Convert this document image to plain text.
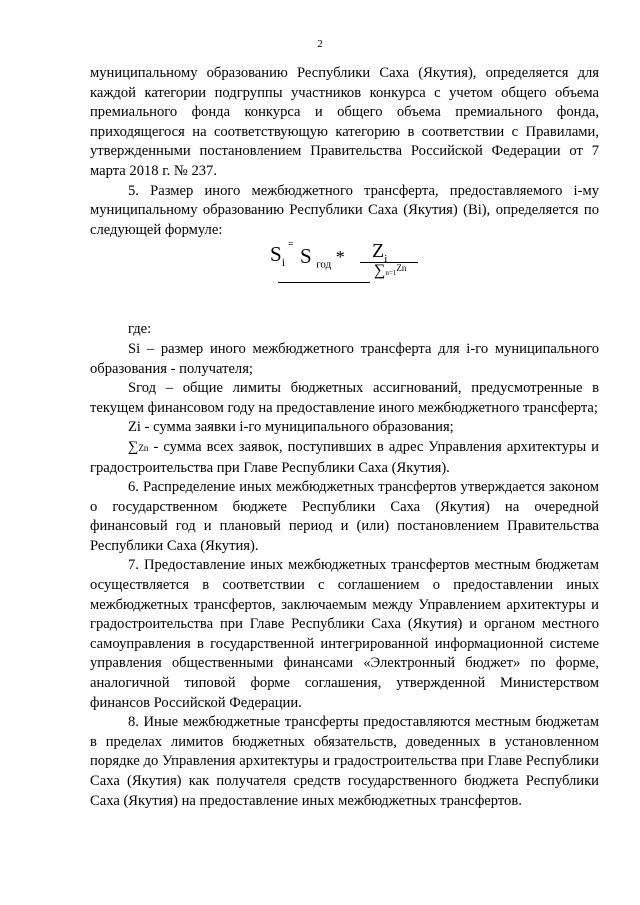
2

муниципальному образованию Республики Саха (Якутия), определяется для каждой категории подгруппы участников конкурса с учетом общего объема премиального фонда конкурса и общего объема премиального фонда, приходящегося на соответствующую категорию в соответствии с Правилами, утвержденными постановлением Правительства Российской Федерации от 7 марта 2018 г. № 237.

5. Размер иного межбюджетного трансферта, предоставляемого i-му муниципальному образованию Республики Саха (Якутия) (Bi), определяется по следующей формуле:

$S_i$
= S $_{год} * Z_i$
$\sum n=1^{Zn}$

где:

Si – размер иного межбюджетного трансферта для i-го муниципального образования - получателя;

Sгод – общие лимиты бюджетных ассигнований, предусмотренные в текущем финансовом году на предоставление иного межбюджетного трансферта;

Zi - сумма заявки i-го муниципального образования;

∑Zn - сумма всех заявок, поступивших в адрес Управления архитектуры и градостроительства при Главе Республики Саха (Якутия).

6. Распределение иных межбюджетных трансфертов утверждается законом о государственном бюджете Республики Саха (Якутия) на очередной финансовый год и плановый период и (или) постановлением Правительства Республики Саха (Якутия).

7. Предоставление иных межбюджетных трансфертов местным бюджетам осуществляется в соответствии с соглашением о предоставлении иных межбюджетных трансфертов, заключаемым между Управлением архитектуры и градостроительства при Главе Республики Саха (Якутия) и органом местного самоуправления в государственной интегрированной информационной системе управления общественными финансами «Электронный бюджет» по форме, аналогичной типовой форме соглашения, утвержденной Министерством финансов Российской Федерации.

8. Иные межбюджетные трансферты предоставляются местным бюджетам в пределах лимитов бюджетных обязательств, доведенных в установленном порядке до Управления архитектуры и градостроительства при Главе Республики Саха (Якутия) как получателя средств государственного бюджета Республики Саха (Якутия) на предоставление иных межбюджетных трансфертов.
